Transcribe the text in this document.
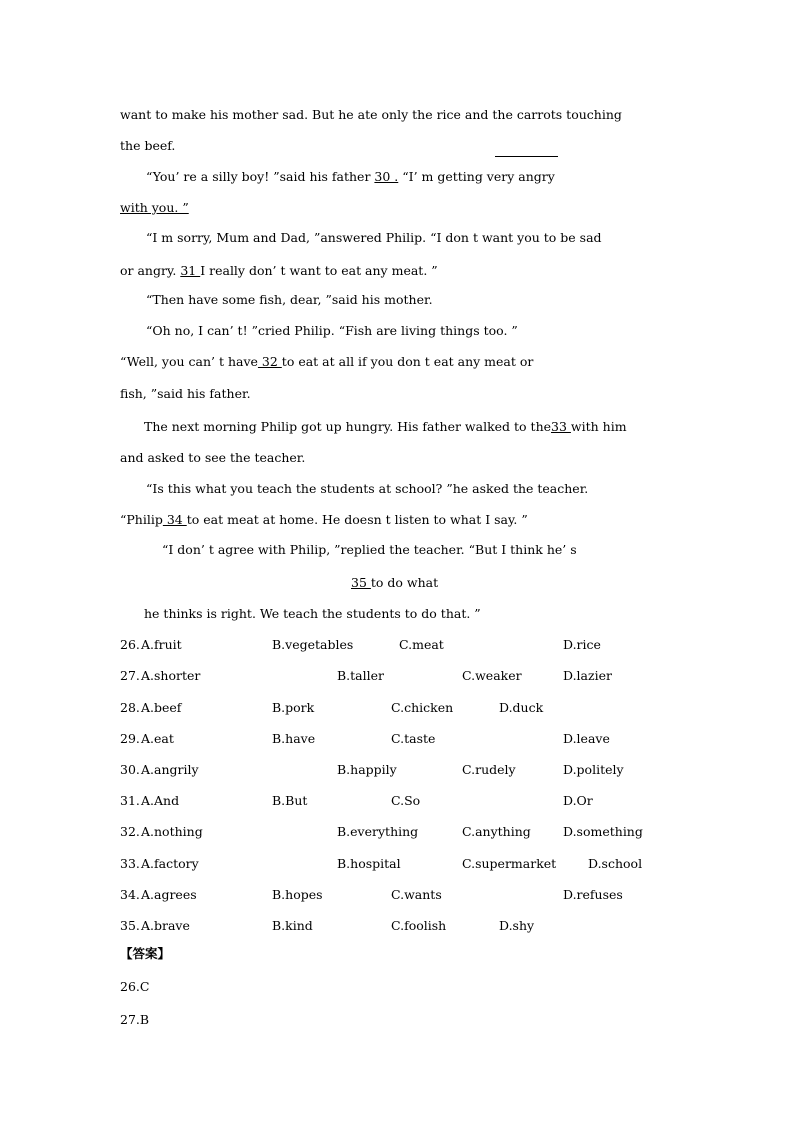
want to make his mother sad. But he ate only the rice and the carrots touching
the beef.
“You’ re a silly boy! ”said his father 30 . “I’ m getting very angry
with you. ”
“I m sorry, Mum and Dad, ”answered Philip. “I don t want you to be sad
or angry. 31 I really don’ t want to eat any meat. ”
“Then have some fish, dear, ”said his mother.
“Oh no, I can’ t! ”cried Philip. “Fish are living things too. ”
“Well, you can’ t have 32 to eat at all if you don t eat any meat or
fish, ”said his father.
The next morning Philip got up hungry. His father walked to the33 with him
and asked to see the teacher.
“Is this what you teach the students at school? ”he asked the teacher.
“Philip 34 to eat meat at home. He doesn t listen to what I say. ”
“I don’ t agree with Philip, ”replied the teacher. “But I think he’ s
35 to do what
he thinks is right. We teach the students to do that. ”
26. A.fruit	B.vegetables	C.meat	D.rice
27. A.shorter	B.taller	C.weaker	D.lazier
28. A.beef	B.pork	C.chicken	D.duck
29. A.eat	B.have	C.taste	D.leave
30. A.angrily	B.happily	C.rudely	D.politely
31. A.And	B.But	C.So	D.Or
32. A.nothing	B.everything	C.anything	D.something
33. A.factory	B.hospital	C.supermarket	D.school
34. A.agrees	B.hopes	C.wants	D.refuses
35. A.brave	B.kind	C.foolish	D.shy
【答案】
26.C
27.B
